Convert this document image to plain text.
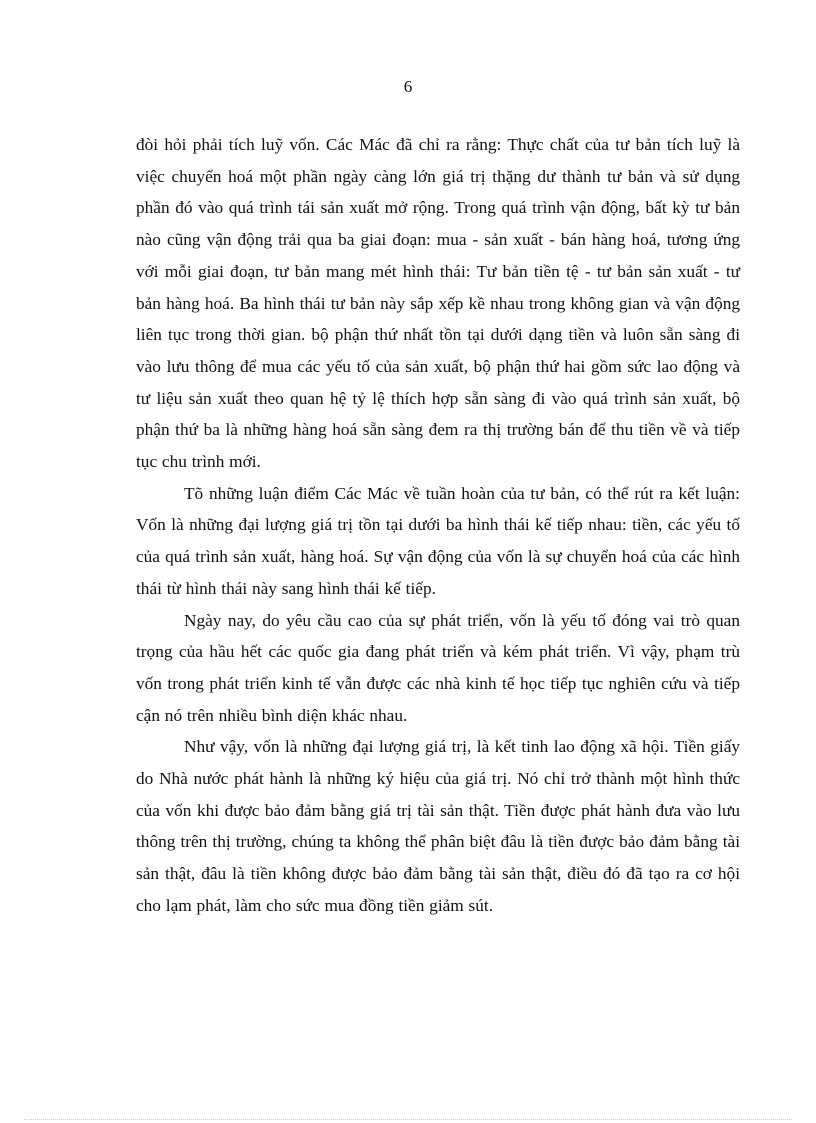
6

đòi hỏi phải tích luỹ vốn. Các Mác đã chỉ ra rằng: Thực chất của tư bản tích luỹ là việc chuyển hoá một phần ngày càng lớn giá trị thặng dư thành tư bản và sử dụng phần đó vào quá trình tái sản xuất mở rộng. Trong quá trình vận động, bất kỳ tư bản nào cũng vận động trải qua ba giai đoạn: mua - sản xuất - bán hàng hoá, tương ứng với mỗi giai đoạn, tư bản mang mét hình thái: Tư bản tiền tệ - tư bản sản xuất - tư bản hàng hoá. Ba hình thái tư bản này sắp xếp kề nhau trong không gian và vận động liên tục trong thời gian. bộ phận thứ nhất tồn tại dưới dạng tiền và luôn sẵn sàng đi vào lưu thông để mua các yếu tố của sản xuất, bộ phận thứ hai gồm sức lao động và tư liệu sản xuất theo quan hệ tỷ lệ thích hợp sẵn sàng đi vào quá trình sản xuất, bộ phận thứ ba là những hàng hoá sẵn sàng đem ra thị trường bán để thu tiền về và tiếp tục chu trình mới.

Tõ những luận điểm Các Mác về tuần hoàn của tư bản, có thể rút ra kết luận: Vốn là những đại lượng giá trị tồn tại dưới ba hình thái kế tiếp nhau: tiền, các yếu tố của quá trình sản xuất, hàng hoá. Sự vận động của vốn là sự chuyển hoá của các hình thái từ hình thái này sang hình thái kế tiếp.

Ngày nay, do yêu cầu cao của sự phát triển, vốn là yếu tố đóng vai trò quan trọng của hầu hết các quốc gia đang phát triển và kém phát triển. Vì vậy, phạm trù vốn trong phát triển kinh tế vẫn được các nhà kinh tế học tiếp tục nghiên cứu và tiếp cận nó trên nhiều bình diện khác nhau.

Như vậy, vốn là những đại lượng giá trị, là kết tinh lao động xã hội. Tiền giấy do Nhà nước phát hành là những ký hiệu của giá trị. Nó chỉ trở thành một hình thức của vốn khi được bảo đảm bằng giá trị tài sản thật. Tiền được phát hành đưa vào lưu thông trên thị trường, chúng ta không thể phân biệt đâu là tiền được bảo đảm bằng tài sản thật, đâu là tiền không được bảo đảm bằng tài sản thật, điều đó đã tạo ra cơ hội cho lạm phát, làm cho sức mua đồng tiền giảm sút.
